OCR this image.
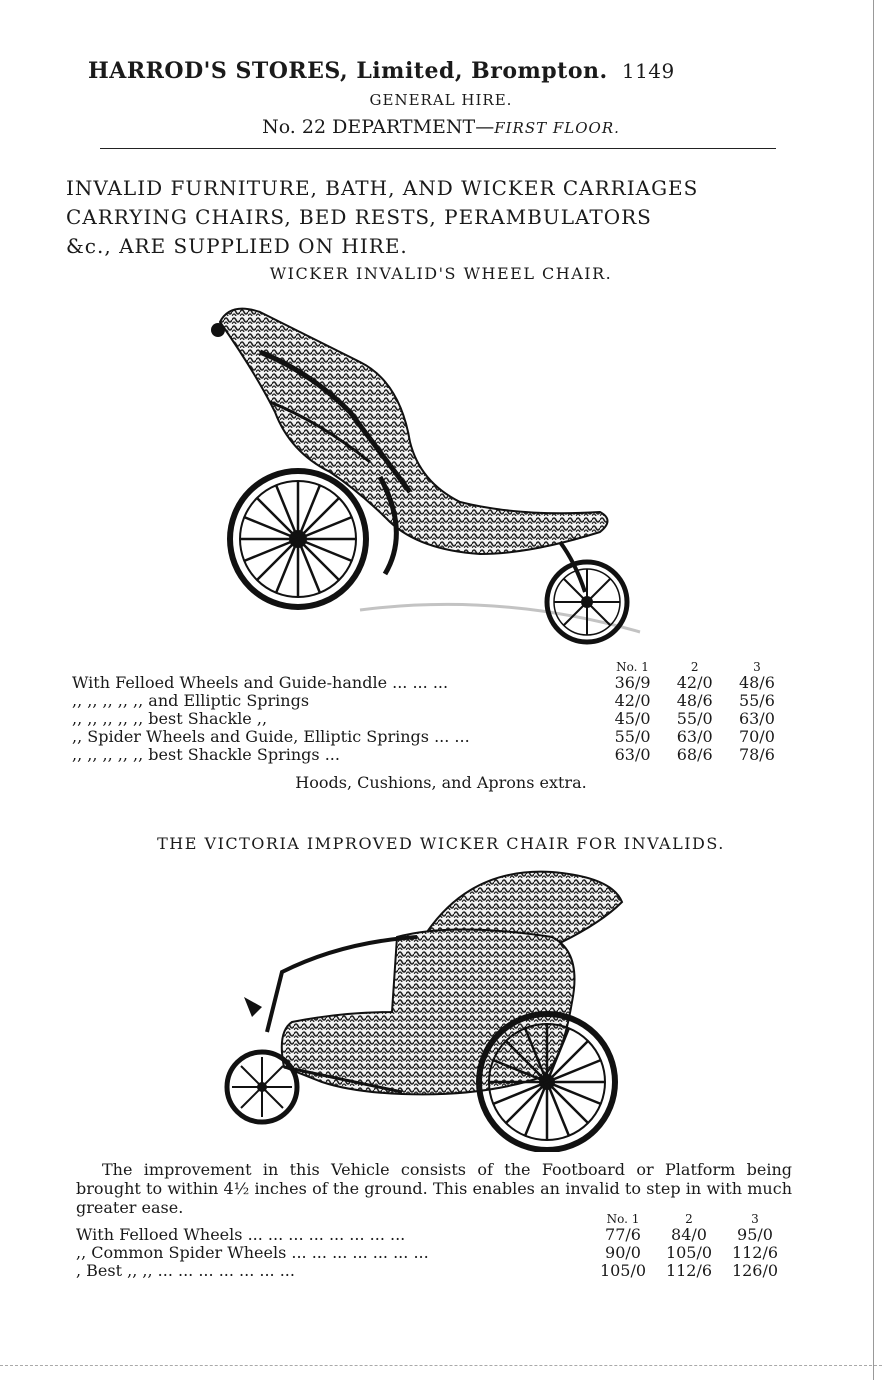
HARROD'S STORES, Limited, Brompton. 1149
GENERAL HIRE.
No. 22 DEPARTMENT—FIRST FLOOR.
INVALID FURNITURE, BATH, AND WICKER CARRIAGES
CARRYING CHAIRS, BED RESTS, PERAMBULATORS
&c., ARE SUPPLIED ON HIRE.
WICKER INVALID'S WHEEL CHAIR.
	No. 1	2	3
With Felloed Wheels and Guide-handle ... ... ...	36/9	42/0	48/6
,, ,, ,, ,, ,, and Elliptic Springs	42/0	48/6	55/6
,, ,, ,, ,, ,, best Shackle ,,	45/0	55/0	63/0
,, Spider Wheels and Guide, Elliptic Springs ... ...	55/0	63/0	70/0
,, ,, ,, ,, ,, best Shackle Springs ...	63/0	68/6	78/6
Hoods, Cushions, and Aprons extra.
THE VICTORIA IMPROVED WICKER CHAIR FOR INVALIDS.
The improvement in this Vehicle consists of the Footboard or Platform being brought to within 4½ inches of the ground. This enables an invalid to step in with much greater ease.
	No. 1	2	3
With Felloed Wheels ... ... ... ... ... ... ... ...	77/6	84/0	95/0
,, Common Spider Wheels ... ... ... ... ... ... ...	90/0	105/0	112/6
, Best ,, ,, ... ... ... ... ... ... ...	105/0	112/6	126/0
